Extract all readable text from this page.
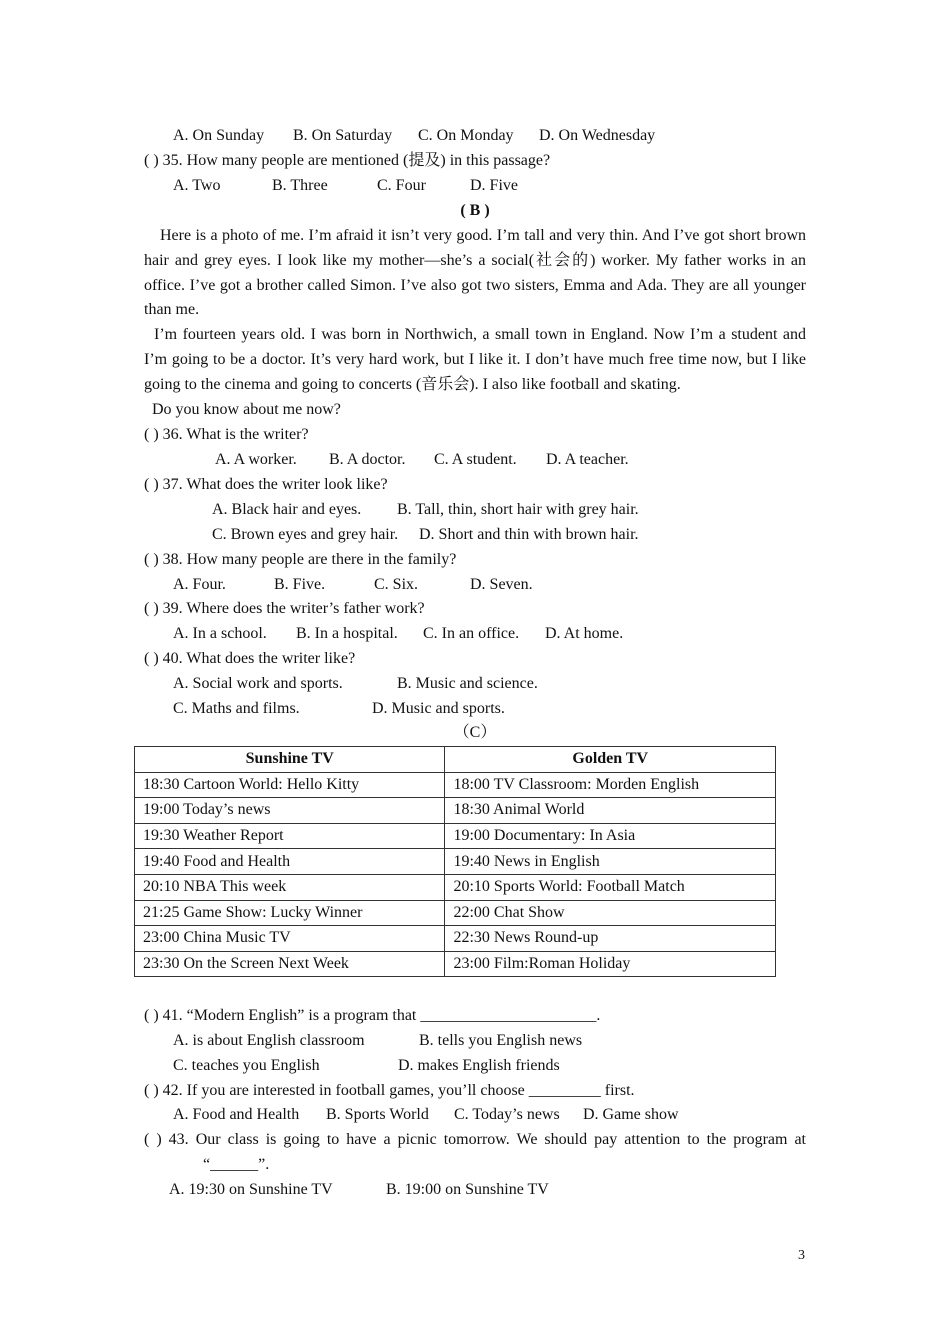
A. On Sunday B. On Saturday C. On Monday D. On Wednesday
( ) 35. How many people are mentioned (提及) in this passage?
A. Two	B. Three	C. Four	D. Five
( B )
Here is a photo of me. I’m afraid it isn’t very good. I’m tall and very thin. And I’ve got short brown hair and grey eyes. I look like my mother—she’s a social(社会的) worker. My father works in an office. I’ve got a brother called Simon. I’ve also got two sisters, Emma and Ada. They are all younger than me.
I’m fourteen years old. I was born in Northwich, a small town in England. Now I’m a student and I’m going to be a doctor. It’s very hard work, but I like it. I don’t have much free time now, but I like going to the cinema and going to concerts (音乐会). I also like football and skating.
Do you know about me now?
( ) 36. What is the writer?
A. A worker. B. A doctor. C. A student. D. A teacher.
( ) 37. What does the writer look like?
A. Black hair and eyes. B. Tall, thin, short hair with grey hair.
C. Brown eyes and grey hair. D. Short and thin with brown hair.
( ) 38. How many people are there in the family?
A. Four.	B. Five.	C. Six.	D. Seven.
( ) 39. Where does the writer’s father work?
A. In a school. B. In a hospital. C. In an office. D. At home.
( ) 40. What does the writer like?
A. Social work and sports.	B. Music and science.
C. Maths and films.	D. Music and sports.
（C）
Sunshine TV	Golden TV
18:30 Cartoon World: Hello Kitty	18:00 TV Classroom: Morden English
19:00 Today’s news	18:30 Animal World
19:30 Weather Report	19:00 Documentary: In Asia
19:40 Food and Health	19:40 News in English
20:10 NBA This week	20:10 Sports World: Football Match
21:25 Game Show: Lucky Winner	22:00 Chat Show
23:00 China Music TV	22:30 News Round-up
23:30 On the Screen Next Week	23:00 Film:Roman Holiday
( ) 41. “Modern English” is a program that ______________________.
A. is about English classroom	B. tells you English news
C. teaches you English	D. makes English friends
( ) 42. If you are interested in football games, you’ll choose _________ first.
A. Food and Health B. Sports World C. Today’s news D. Game show
( ) 43. Our class is going to have a picnic tomorrow. We should pay attention to the program at
“______”.
A. 19:30 on Sunshine TV	B. 19:00 on Sunshine TV
3
